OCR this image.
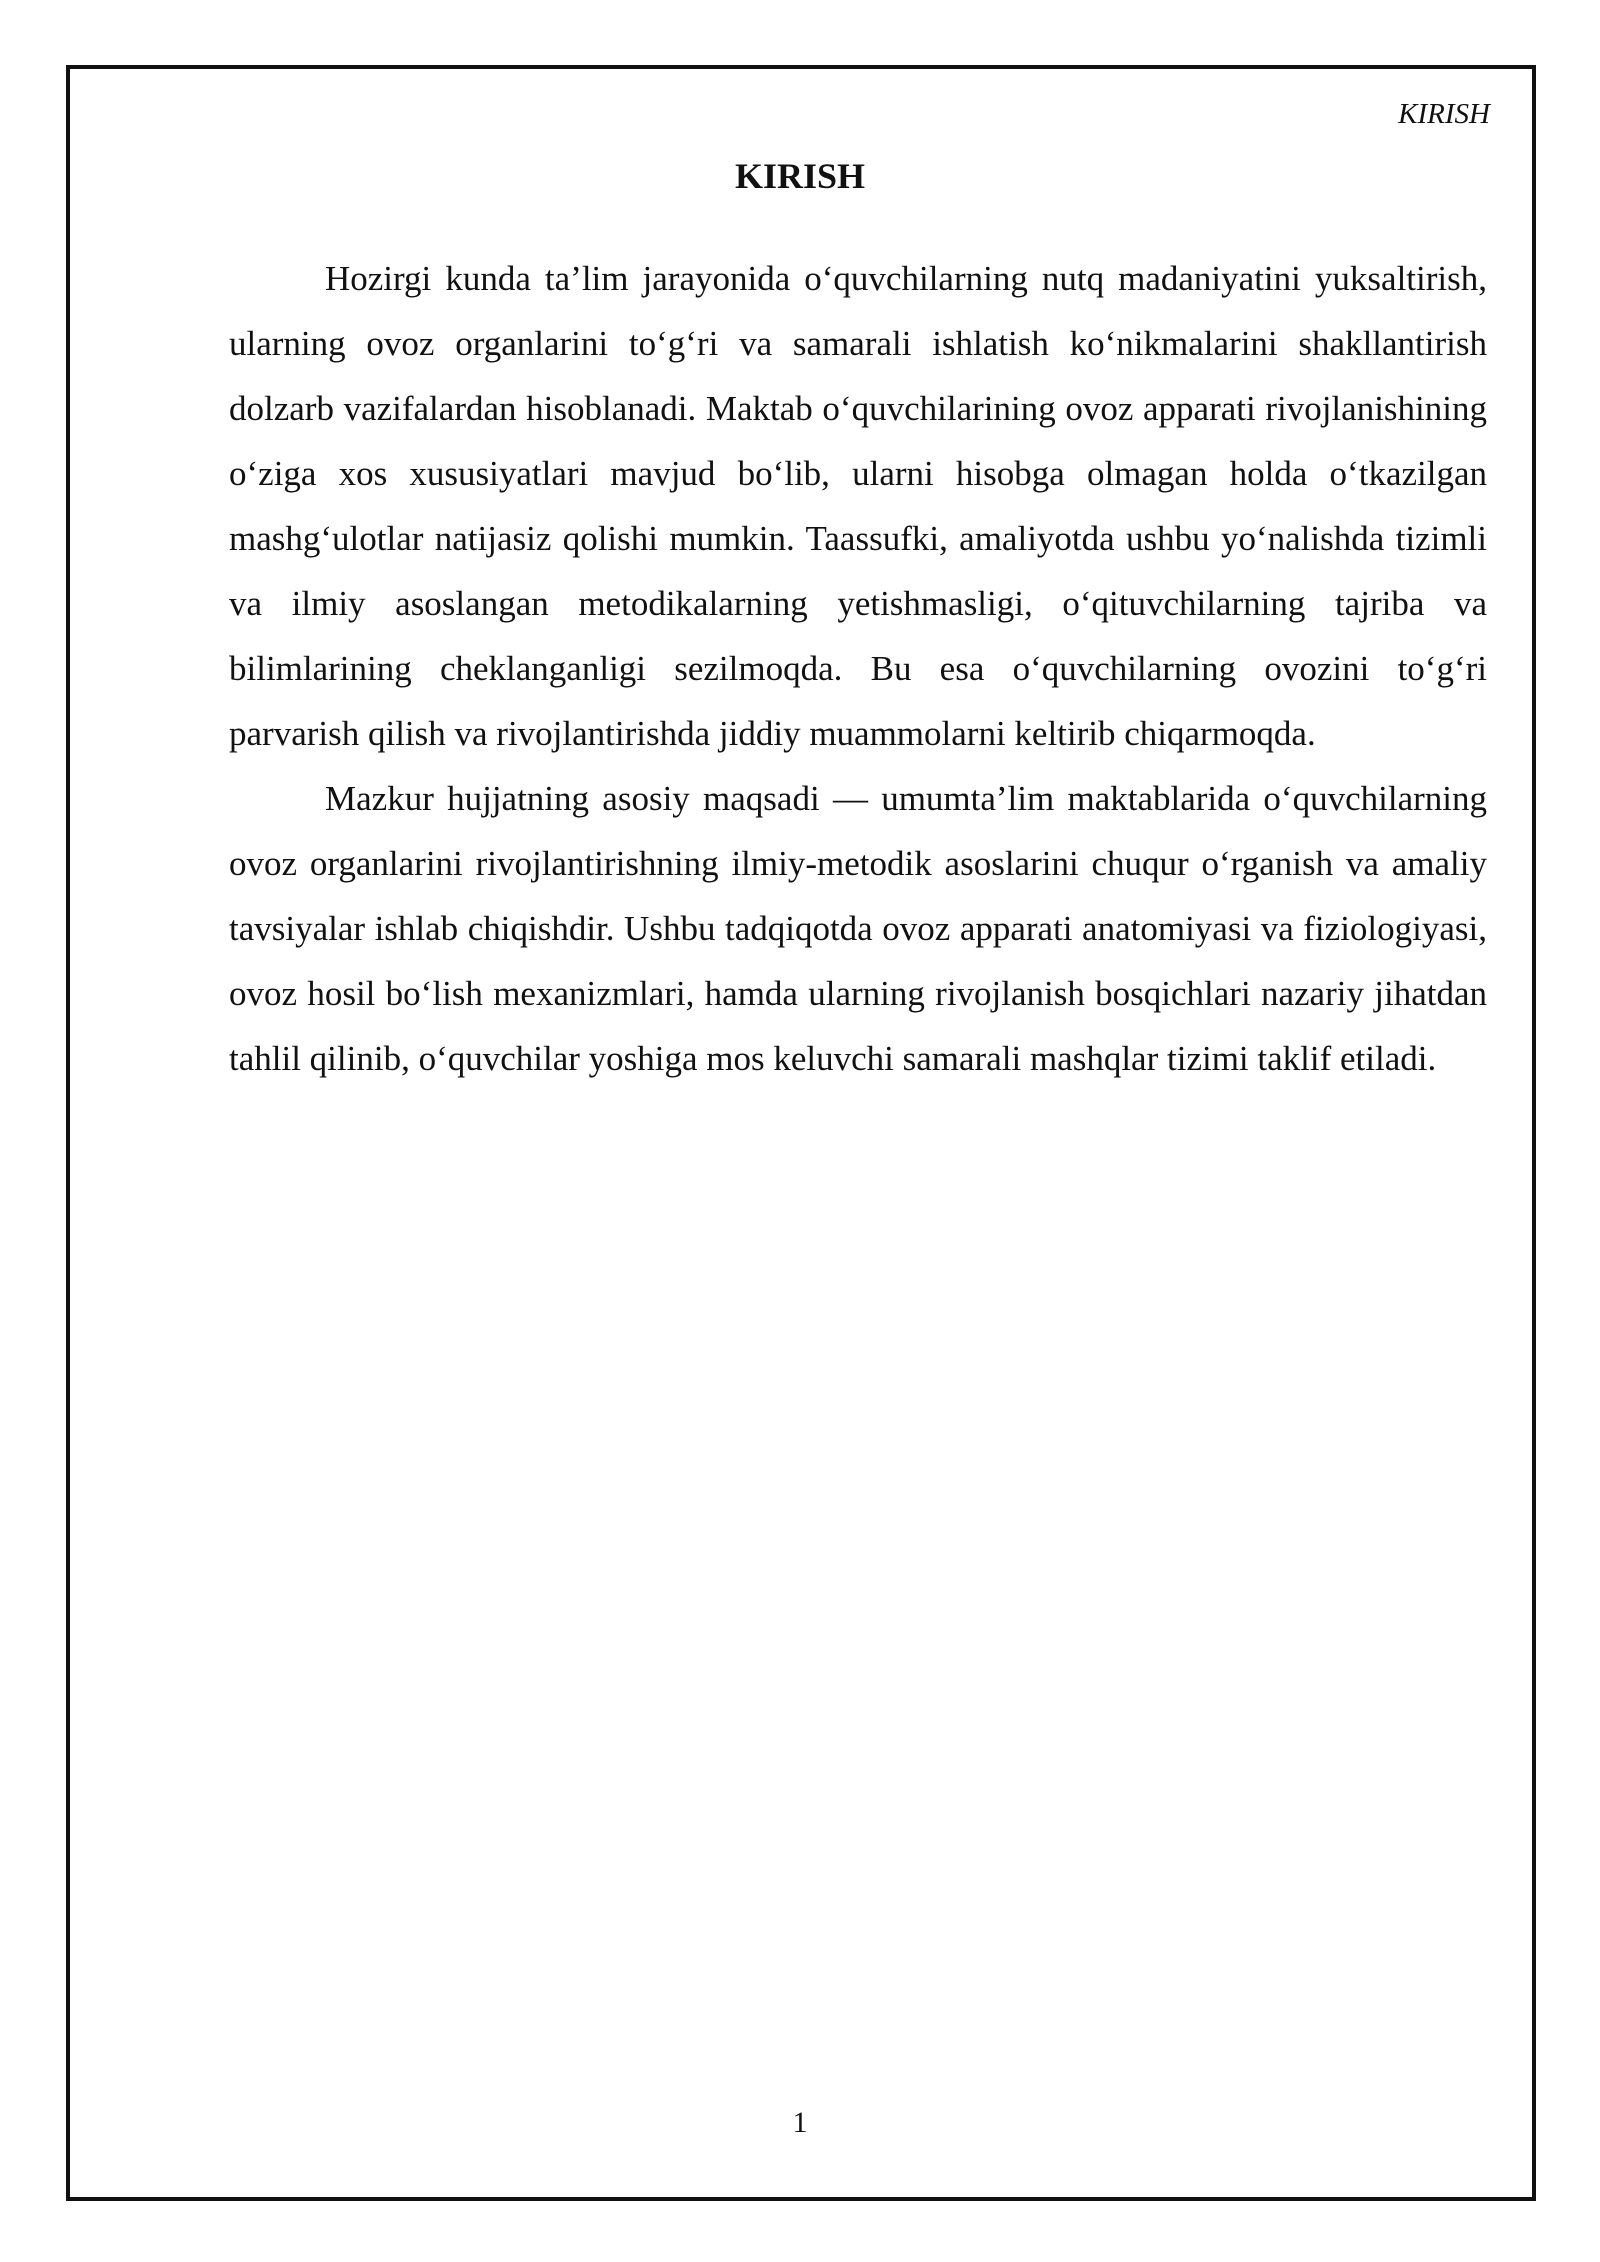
KIRISH
KIRISH

Hozirgi kunda ta’lim jarayonida o‘quvchilarning nutq madaniyatini yuksaltirish, ularning ovoz organlarini to‘g‘ri va samarali ishlatish ko‘nikmalarini shakllantirish dolzarb vazifalardan hisoblanadi. Maktab o‘quvchilarining ovoz apparati rivojlanishining o‘ziga xos xususiyatlari mavjud bo‘lib, ularni hisobga olmagan holda o‘tkazilgan mashg‘ulotlar natijasiz qolishi mumkin. Taassufki, amaliyotda ushbu yo‘nalishda tizimli va ilmiy asoslangan metodikalarning yetishmasligi, o‘qituvchilarning tajriba va bilimlarining cheklanganligi sezilmoqda. Bu esa o‘quvchilarning ovozini to‘g‘ri parvarish qilish va rivojlantirishda jiddiy muammolarni keltirib chiqarmoqda.

Mazkur hujjatning asosiy maqsadi — umumta’lim maktablarida o‘quvchilarning ovoz organlarini rivojlantirishning ilmiy-metodik asoslarini chuqur o‘rganish va amaliy tavsiyalar ishlab chiqishdir. Ushbu tadqiqotda ovoz apparati anatomiyasi va fiziologiyasi, ovoz hosil bo‘lish mexanizmlari, hamda ularning rivojlanish bosqichlari nazariy jihatdan tahlil qilinib, o‘quvchilar yoshiga mos keluvchi samarali mashqlar tizimi taklif etiladi.

1
